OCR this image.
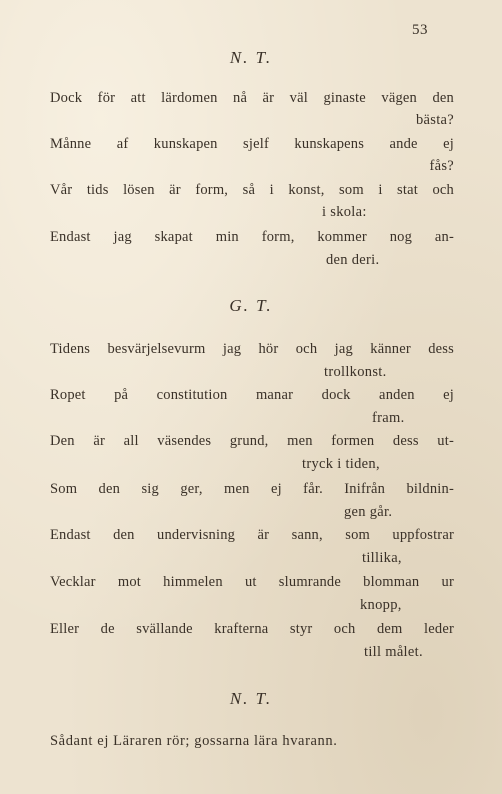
53
N. T.
Dock för att lärdomen nå är väl ginaste vägen den
bästa?
Månne af kunskapen sjelf kunskapens ande ej
fås?
Vår tids lösen är form, så i konst, som i stat och
i skola:
Endast jag skapat min form, kommer nog an-
den deri.
G. T.
Tidens besvärjelsevurm jag hör och jag känner dess
trollkonst.
Ropet på constitution manar dock anden ej
fram.
Den är all väsendes grund, men formen dess ut-
tryck i tiden,
Som den sig ger, men ej får. Inifrån bildnin-
gen går.
Endast den undervisning är sann, som uppfostrar
tillika,
Vecklar mot himmelen ut slumrande blomman ur
knopp,
Eller de svällande krafterna styr och dem leder
till målet.
N. T.
Sådant ej Läraren rör; gossarna lära hvarann.
